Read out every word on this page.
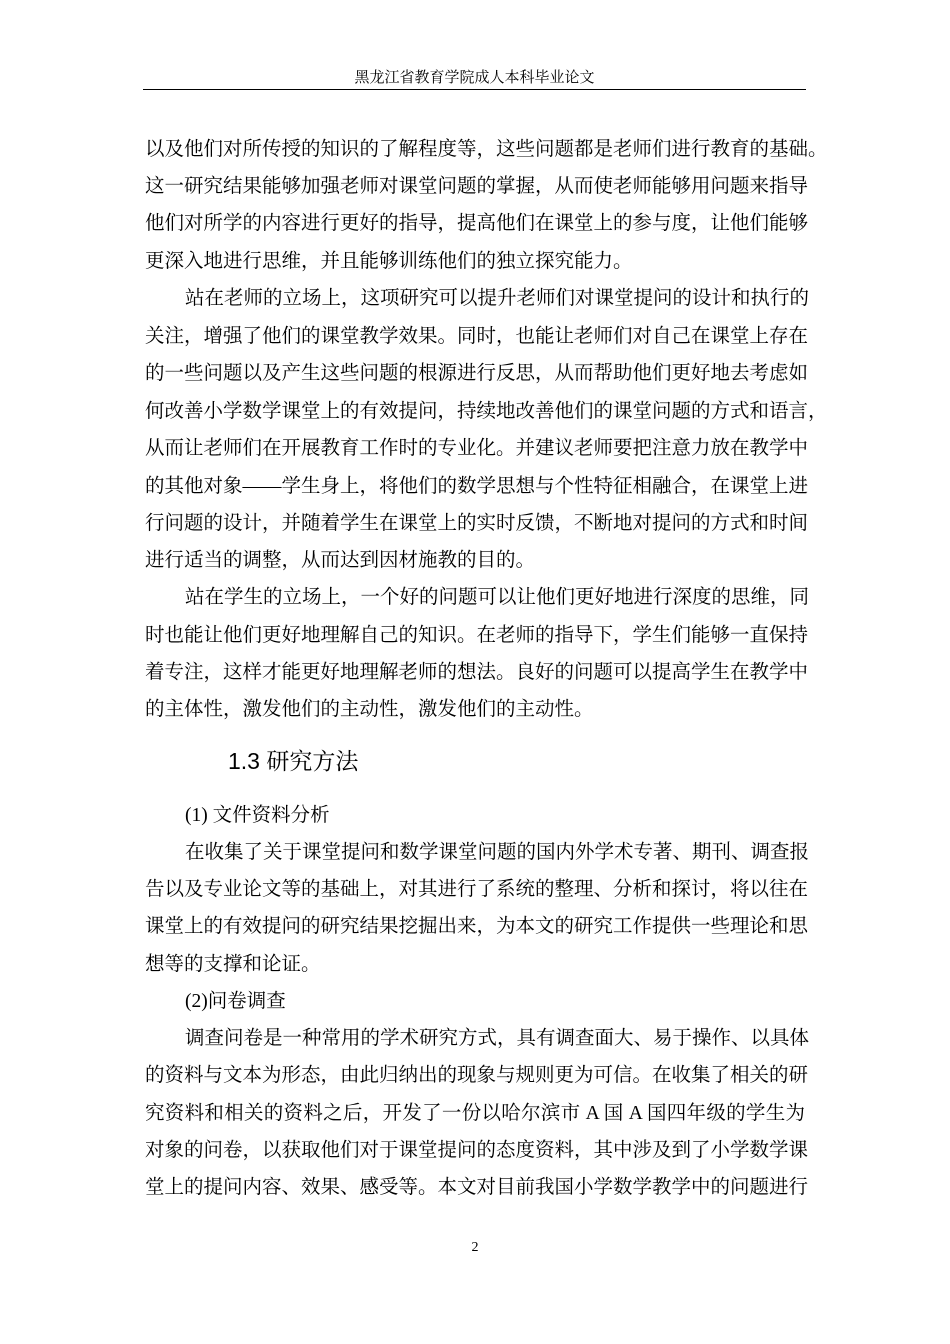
黑龙江省教育学院成人本科毕业论文
以及他们对所传授的知识的了解程度等，这些问题都是老师们进行教育的基础。
这一研究结果能够加强老师对课堂问题的掌握，从而使老师能够用问题来指导
他们对所学的内容进行更好的指导，提高他们在课堂上的参与度，让他们能够
更深入地进行思维，并且能够训练他们的独立探究能力。
站在老师的立场上，这项研究可以提升老师们对课堂提问的设计和执行的
关注，增强了他们的课堂教学效果。同时，也能让老师们对自己在课堂上存在
的一些问题以及产生这些问题的根源进行反思，从而帮助他们更好地去考虑如
何改善小学数学课堂上的有效提问，持续地改善他们的课堂问题的方式和语言，
从而让老师们在开展教育工作时的专业化。并建议老师要把注意力放在教学中
的其他对象——学生身上，将他们的数学思想与个性特征相融合，在课堂上进
行问题的设计，并随着学生在课堂上的实时反馈，不断地对提问的方式和时间
进行适当的调整，从而达到因材施教的目的。
站在学生的立场上，一个好的问题可以让他们更好地进行深度的思维，同
时也能让他们更好地理解自己的知识。在老师的指导下，学生们能够一直保持
着专注，这样才能更好地理解老师的想法。良好的问题可以提高学生在教学中
的主体性，激发他们的主动性，激发他们的主动性。
(1) 文件资料分析
在收集了关于课堂提问和数学课堂问题的国内外学术专著、期刊、调查报
告以及专业论文等的基础上，对其进行了系统的整理、分析和探讨，将以往在
课堂上的有效提问的研究结果挖掘出来，为本文的研究工作提供一些理论和思
想等的支撑和论证。
(2)问卷调查
调查问卷是一种常用的学术研究方式，具有调查面大、易于操作、以具体
的资料与文本为形态，由此归纳出的现象与规则更为可信。在收集了相关的研
究资料和相关的资料之后，开发了一份以哈尔滨市 A 国 A 国四年级的学生为
对象的问卷，以获取他们对于课堂提问的态度资料，其中涉及到了小学数学课
堂上的提问内容、效果、感受等。本文对目前我国小学数学教学中的问题进行
1.3 研究方法
2
